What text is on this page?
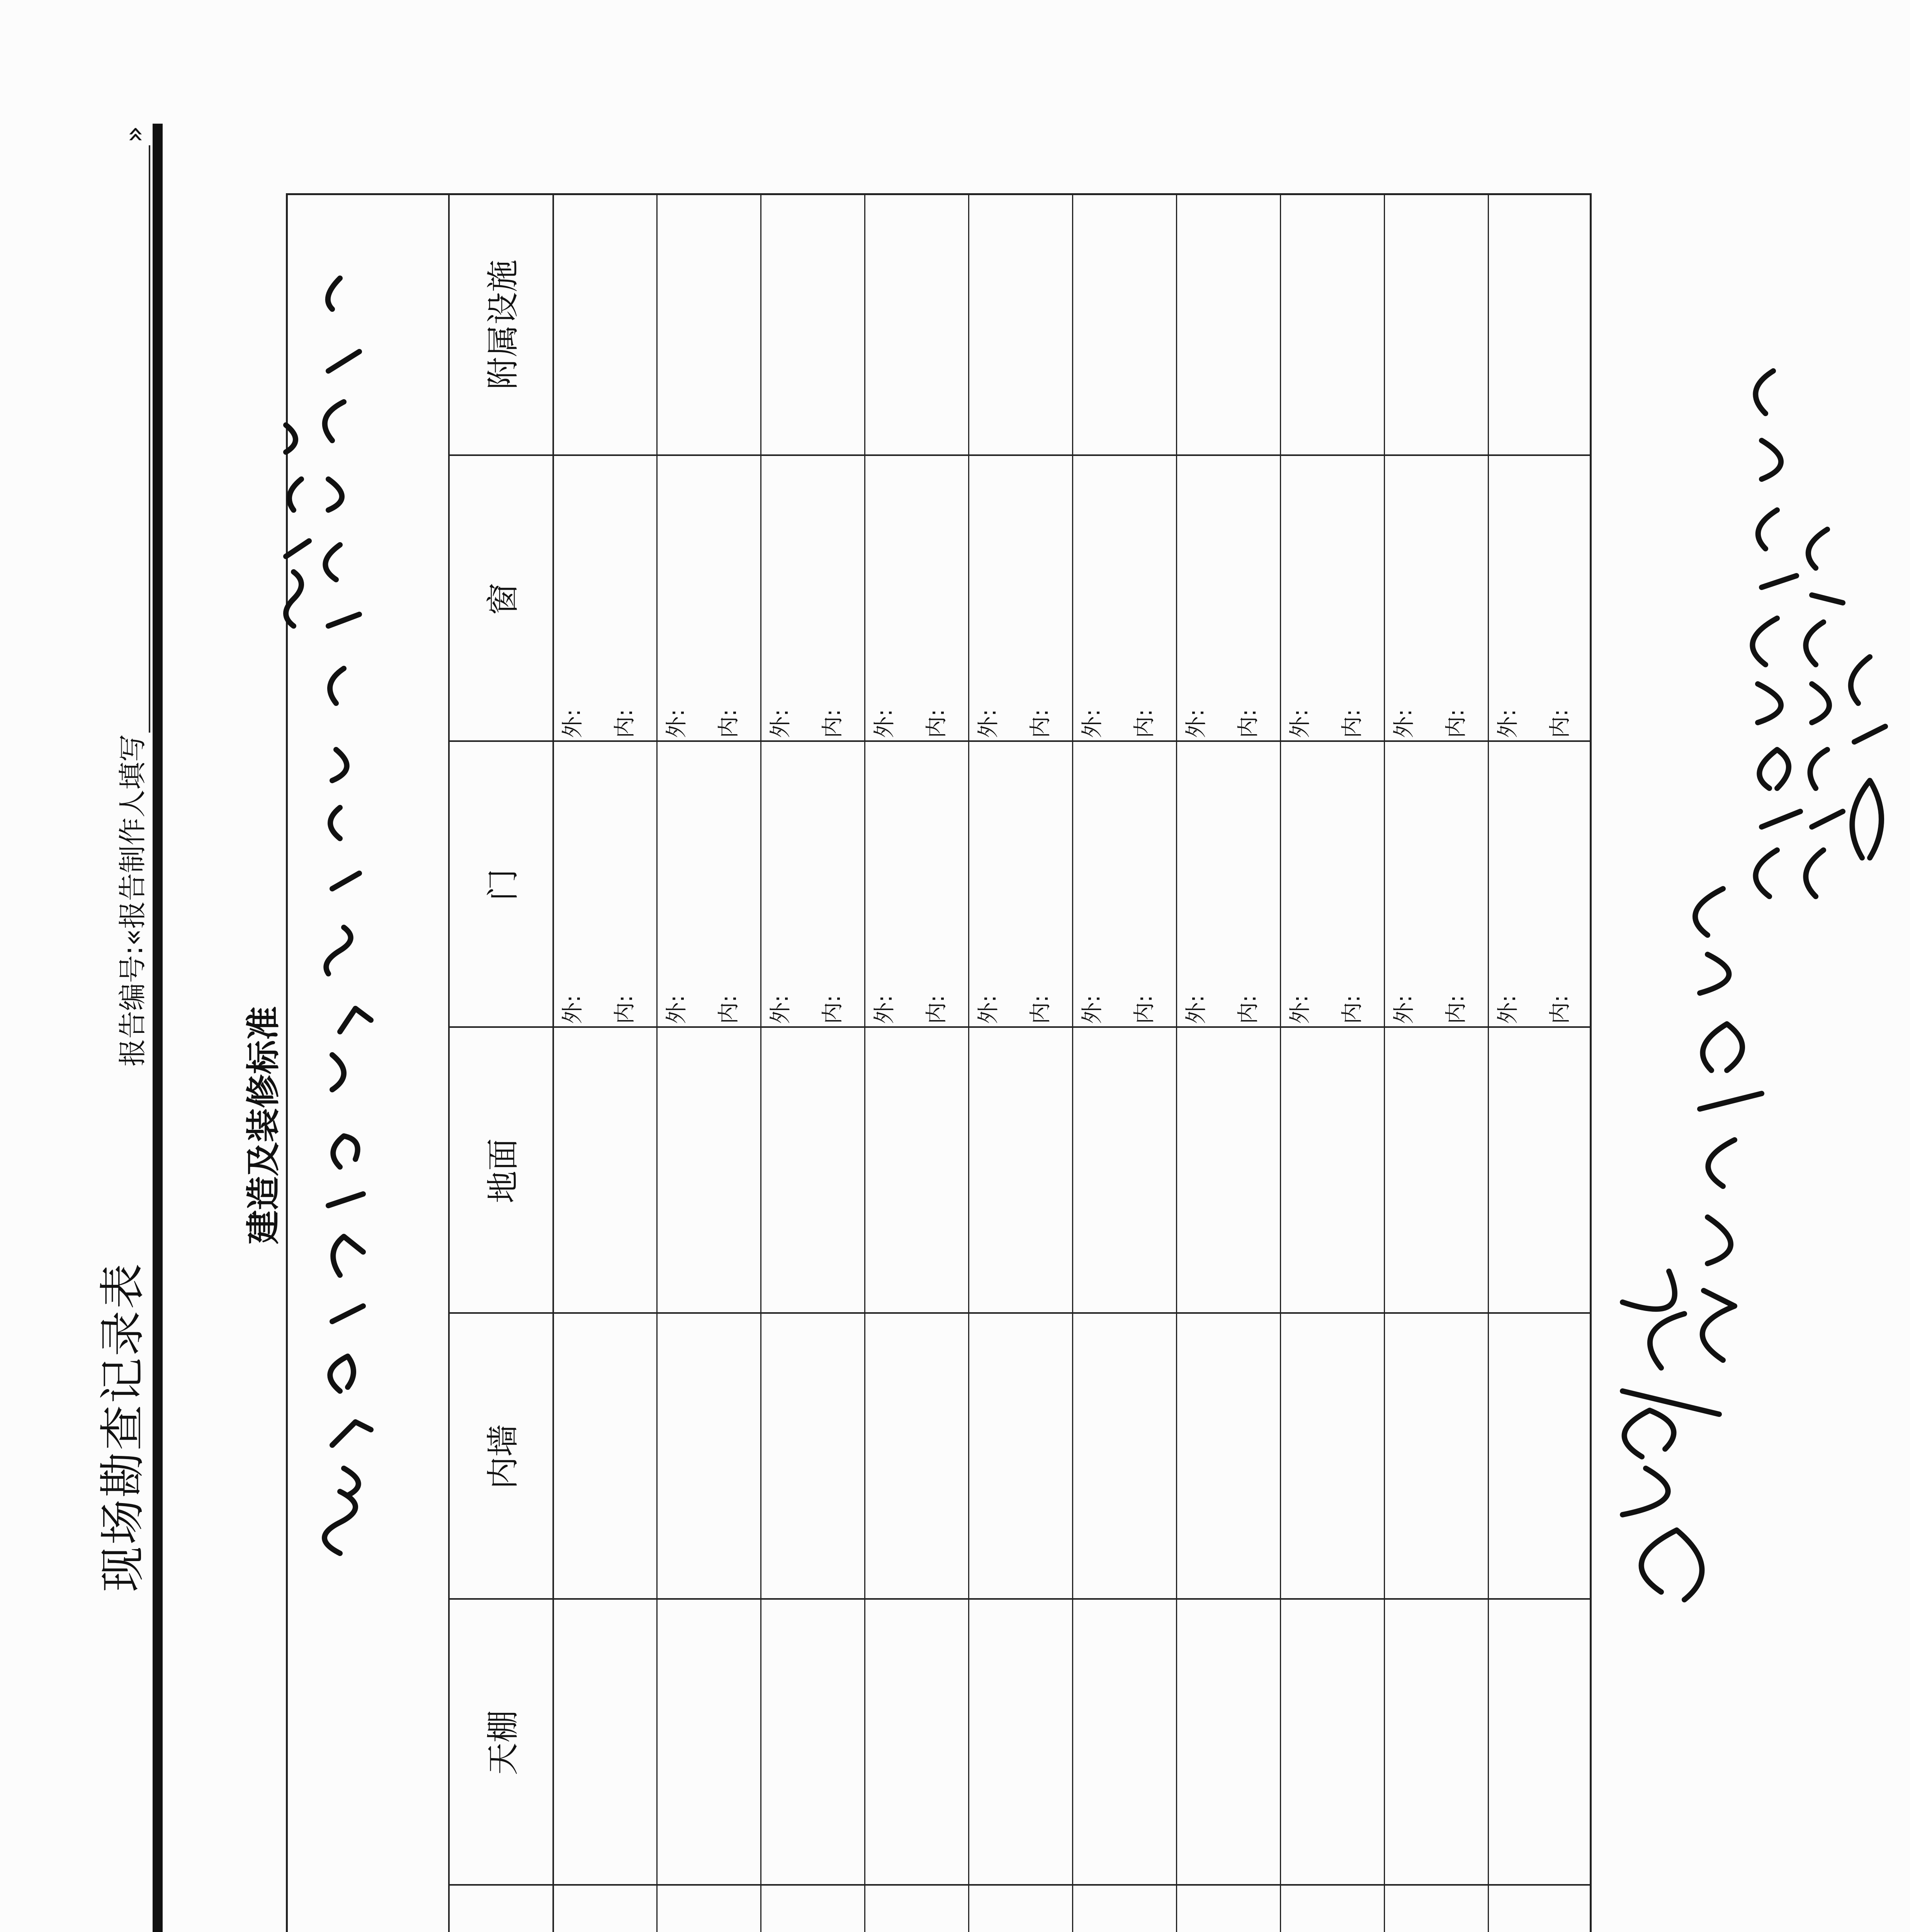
现场勘查记录表
报告编号:«报告制作人填写
»
建造及装修标准
天棚
内墙
地面
门
窗
附属设施
外: 内: 外: 内: 外: 内: 外: 内: 外: 内: 外: 内: 外: 内: 外: 内: 外: 内: 外: 内:
外: 内: 外: 内: 外: 内: 外: 内: 外: 内: 外: 内: 外: 内: 外: 内: 外: 内: 外: 内:
